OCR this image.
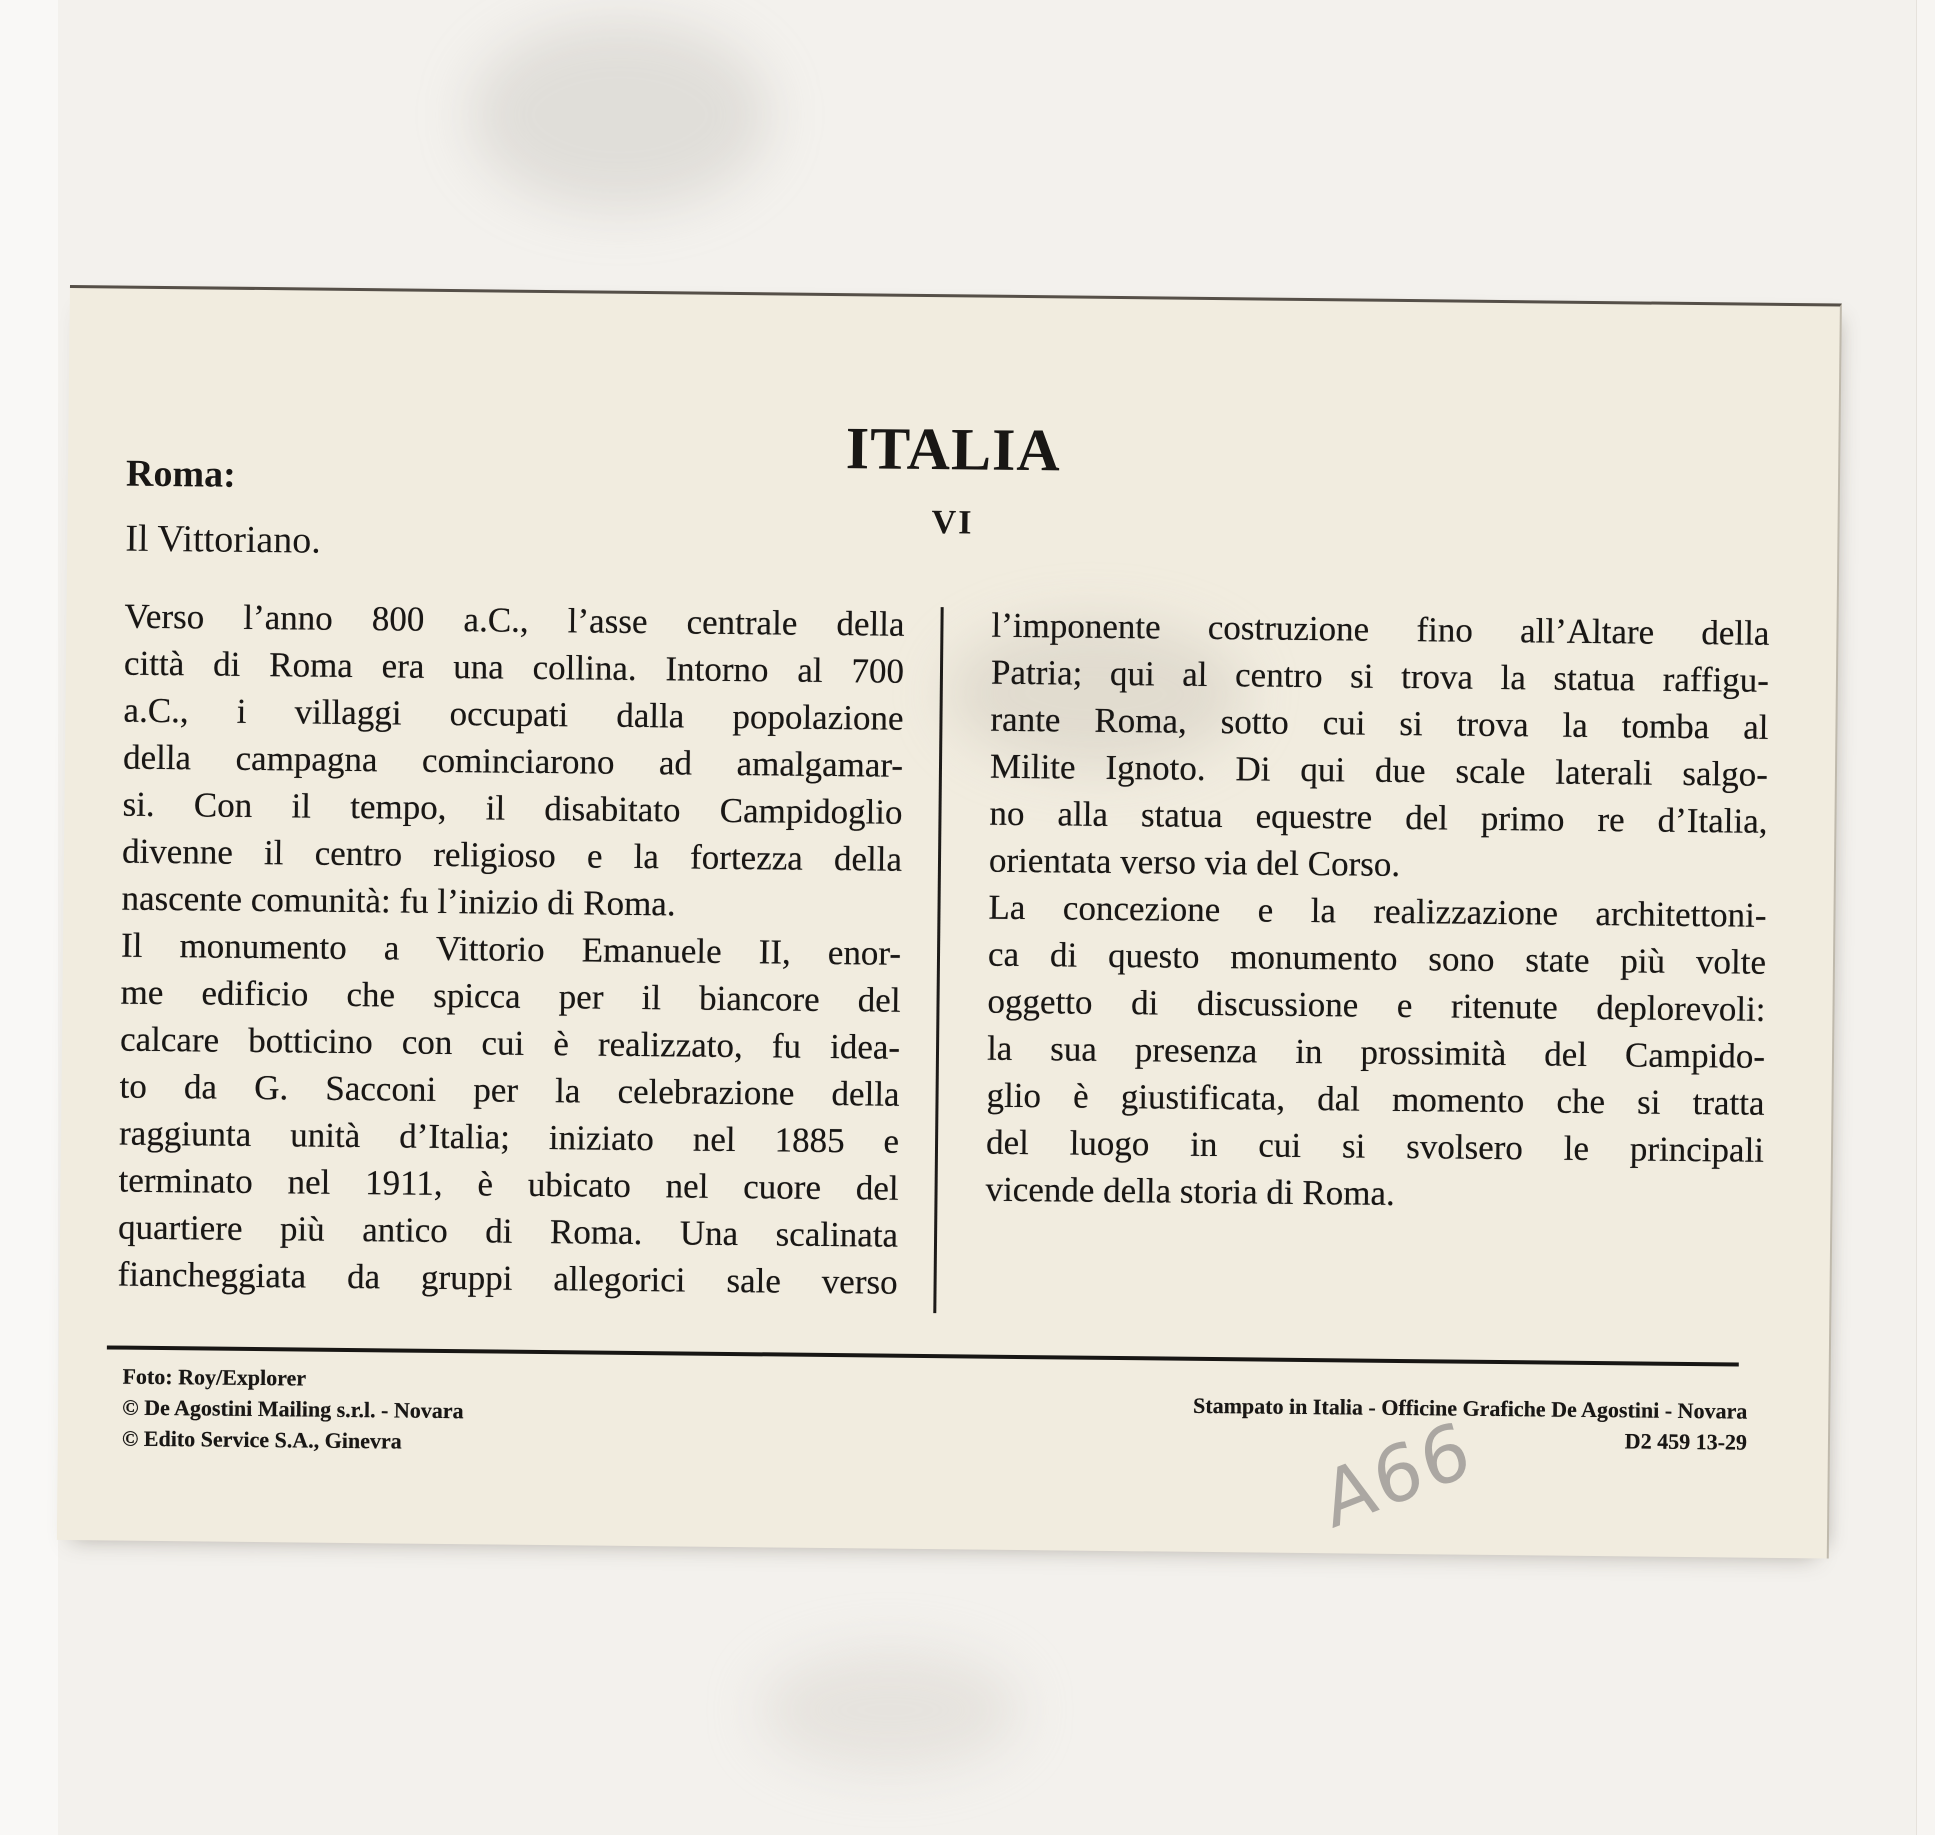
Roma:
Il Vittoriano.
ITALIA
VI
Verso l’anno 800 a.C., l’asse centrale della
città di Roma era una collina. Intorno al 700
a.C., i villaggi occupati dalla popolazione
della campagna cominciarono ad amalgamar-
si. Con il tempo, il disabitato Campidoglio
divenne il centro religioso e la fortezza della
nascente comunità: fu l’inizio di Roma.
Il monumento a Vittorio Emanuele II, enor-
me edificio che spicca per il biancore del
calcare botticino con cui è realizzato, fu idea-
to da G. Sacconi per la celebrazione della
raggiunta unità d’Italia; iniziato nel 1885 e
terminato nel 1911, è ubicato nel cuore del
quartiere più antico di Roma. Una scalinata
fiancheggiata da gruppi allegorici sale verso
l’imponente costruzione fino all’Altare della
Patria; qui al centro si trova la statua raffigu-
rante Roma, sotto cui si trova la tomba al
Milite Ignoto. Di qui due scale laterali salgo-
no alla statua equestre del primo re d’Italia,
orientata verso via del Corso.
La concezione e la realizzazione architettoni-
ca di questo monumento sono state più volte
oggetto di discussione e ritenute deplorevoli:
la sua presenza in prossimità del Campido-
glio è giustificata, dal momento che si tratta
del luogo in cui si svolsero le principali
vicende della storia di Roma.
Foto: Roy/Explorer
© De Agostini Mailing s.r.l. - Novara
© Edito Service S.A., Ginevra
Stampato in Italia - Officine Grafiche De Agostini - Novara
D2 459 13-29
A66
